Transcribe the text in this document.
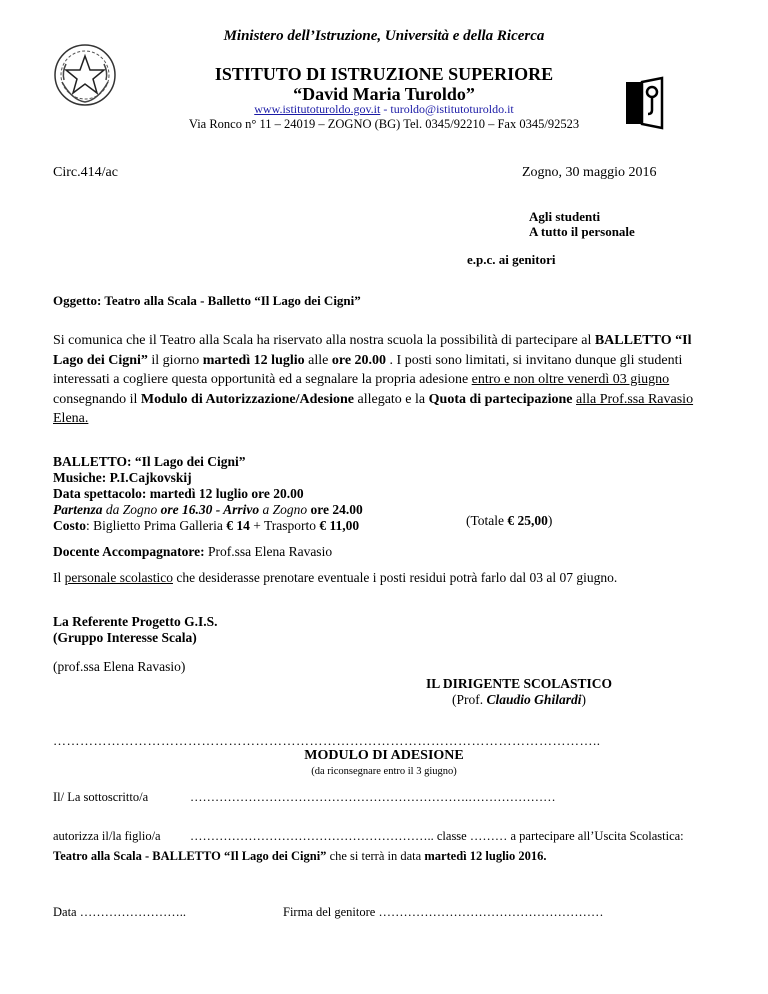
Ministero dell’Istruzione, Università e della Ricerca
ISTITUTO DI ISTRUZIONE SUPERIORE
“David Maria Turoldo”
www.istitutoturoldo.gov.it - turoldo@istitutoturoldo.it
Via Ronco n° 11 – 24019 – ZOGNO (BG) Tel. 0345/92210 – Fax 0345/92523
Circ.414/ac	Zogno, 30 maggio 2016
Agli studenti
A tutto il personale
e.p.c. ai genitori
Oggetto: Teatro alla Scala - Balletto “Il Lago dei Cigni”
Si comunica che il Teatro alla Scala ha riservato alla nostra scuola la possibilità di partecipare al BALLETTO “Il Lago dei Cigni” il giorno martedì 12 luglio alle ore 20.00 . I posti sono limitati, si invitano dunque gli studenti interessati a cogliere questa opportunità ed a segnalare la propria adesione entro e non oltre venerdì 03 giugno consegnando il Modulo di Autorizzazione/Adesione allegato e la Quota di partecipazione alla Prof.ssa Ravasio Elena.
BALLETTO: “Il Lago dei Cigni”
Musiche: P.I.Cajkovskij
Data spettacolo: martedì 12 luglio ore 20.00
Partenza da Zogno ore 16.30 - Arrivo a Zogno ore 24.00
Costo: Biglietto Prima Galleria € 14 + Trasporto € 11,00	(Totale € 25,00)
Docente Accompagnatore: Prof.ssa Elena Ravasio
Il personale scolastico che desiderasse prenotare eventuale i posti residui potrà farlo dal 03 al 07 giugno.
La Referente Progetto G.I.S.
(Gruppo Interesse Scala)
(prof.ssa Elena Ravasio)
IL DIRIGENTE SCOLASTICO
(Prof. Claudio Ghilardi)
…………………………………………………………………………………………………………..
MODULO DI ADESIONE
(da riconsegnare entro il 3 giugno)
Il/ La sottoscritto/a	………………………………………………………….…………………
autorizza il/la figlio/a ………………………………………………….. classe ……… a partecipare all’Uscita Scolastica:
Teatro alla Scala - BALLETTO “Il Lago dei Cigni” che si terrà in data martedì 12 luglio 2016.
Data ……………………..	Firma del genitore ………………………………………………
